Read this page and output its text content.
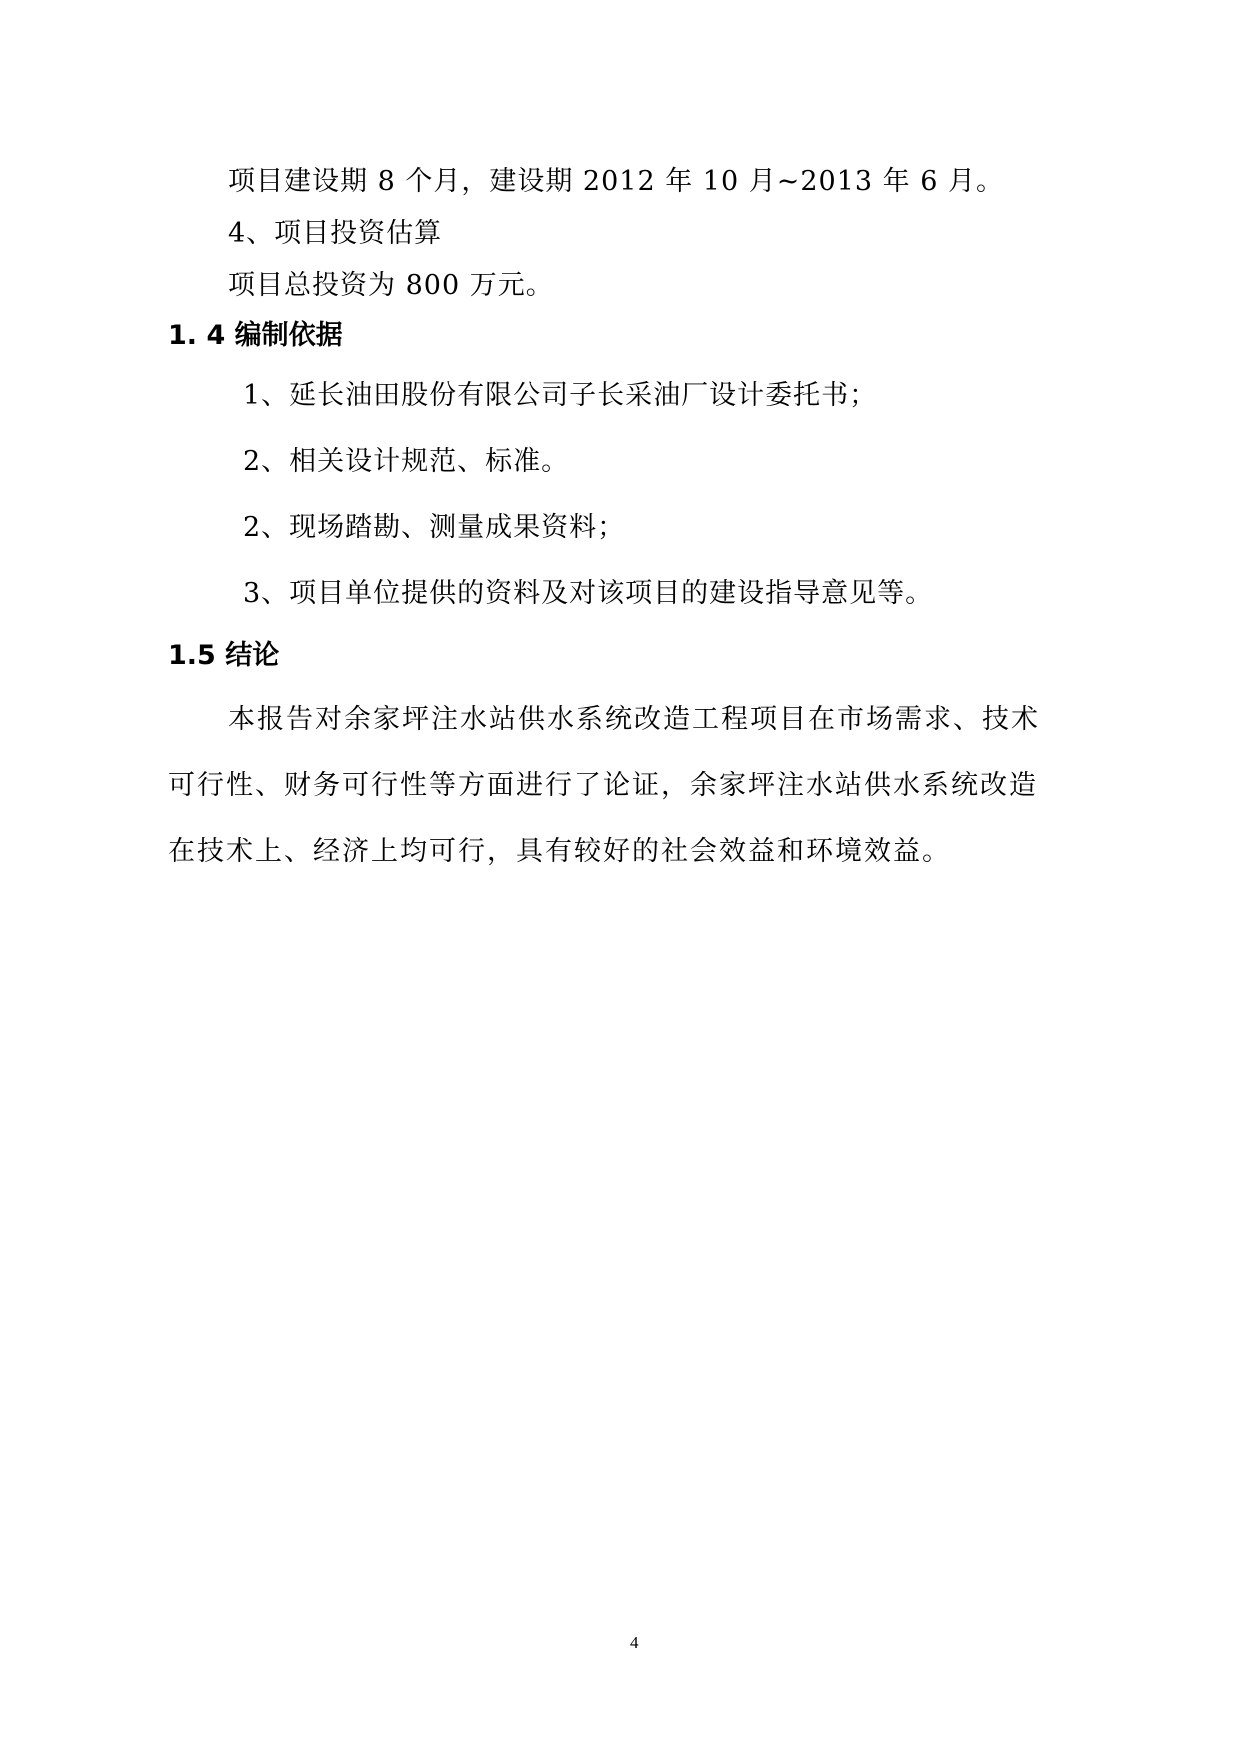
项目建设期 8 个月，建设期 2012 年 10 月~2013 年 6 月。
4、项目投资估算
项目总投资为 800 万元。
1. 4 编制依据
1、延长油田股份有限公司子长采油厂设计委托书；
2、相关设计规范、标准。
2、现场踏勘、测量成果资料；
3、项目单位提供的资料及对该项目的建设指导意见等。
1.5 结论
本报告对余家坪注水站供水系统改造工程项目在市场需求、技术
可行性、财务可行性等方面进行了论证，余家坪注水站供水系统改造
在技术上、经济上均可行，具有较好的社会效益和环境效益。
4
